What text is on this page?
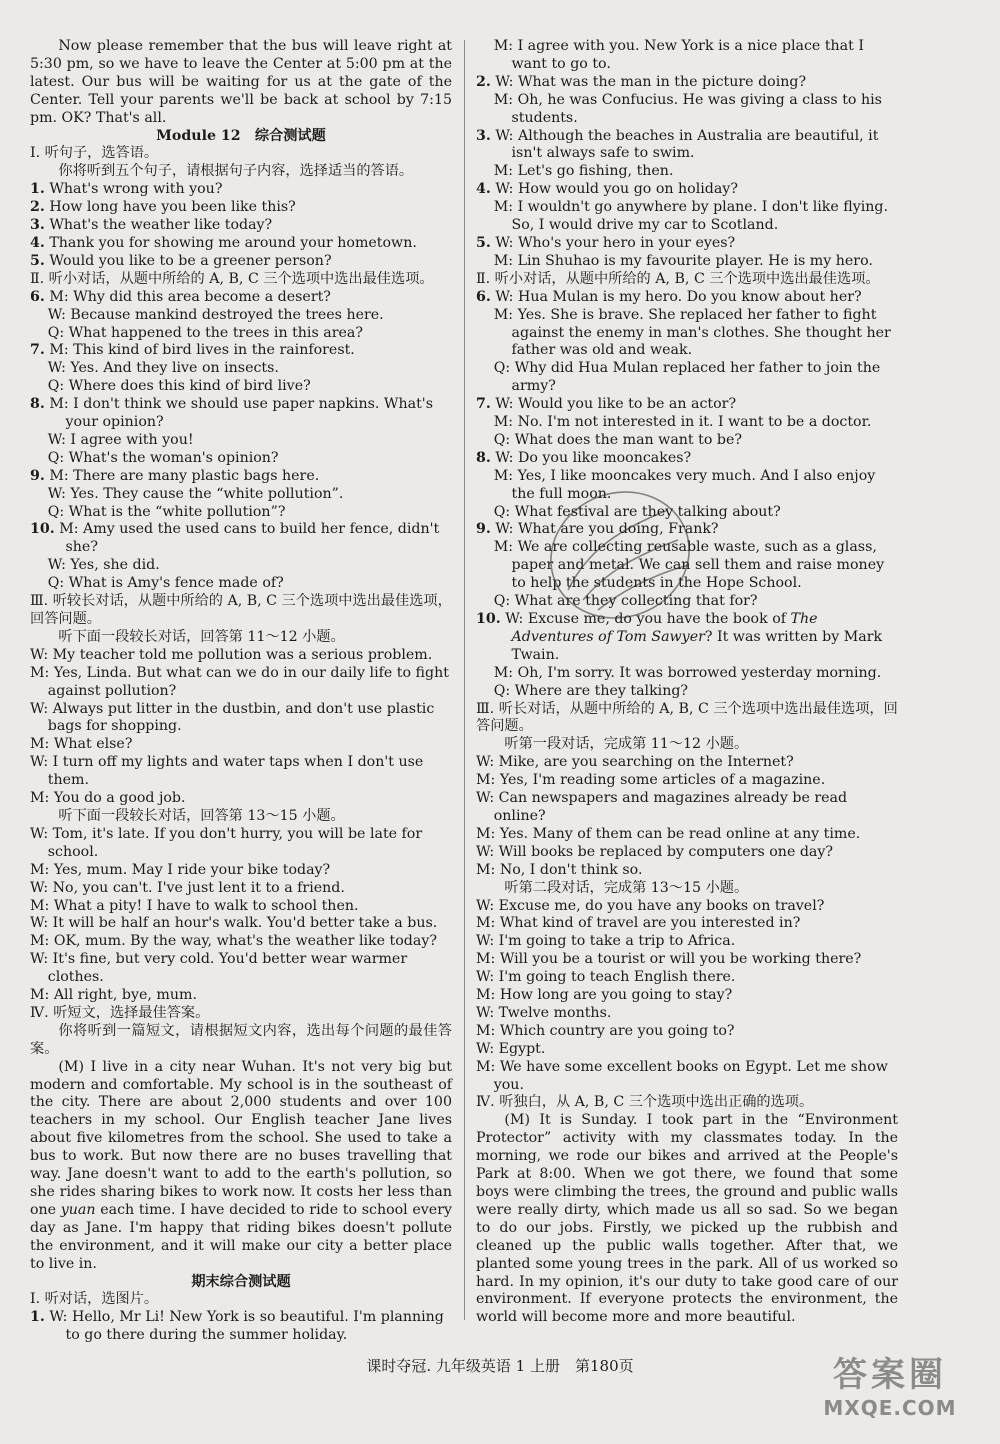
Now please remember that the bus will leave right at 5:30 pm, so we have to leave the Center at 5:00 pm at the latest. Our bus will be waiting for us at the gate of the Center. Tell your parents we'll be back at school by 7:15 pm. OK? That's all.

Module 12　综合测试题

Ⅰ. 听句子，选答语。

你将听到五个句子，请根据句子内容，选择适当的答语。

1. What's wrong with you?

2. How long have you been like this?

3. What's the weather like today?

4. Thank you for showing me around your hometown.

5. Would you like to be a greener person?

Ⅱ. 听小对话，从题中所给的 A, B, C 三个选项中选出最佳选项。

6. M: Why did this area become a desert?

W: Because mankind destroyed the trees here.

Q: What happened to the trees in this area?

7. M: This kind of bird lives in the rainforest.

W: Yes. And they live on insects.

Q: Where does this kind of bird live?

8. M: I don't think we should use paper napkins. What's your opinion?

W: I agree with you!

Q: What's the woman's opinion?

9. M: There are many plastic bags here.

W: Yes. They cause the “white pollution”.

Q: What is the “white pollution”?

10. M: Amy used the used cans to build her fence, didn't she?

W: Yes, she did.

Q: What is Amy's fence made of?

Ⅲ. 听较长对话，从题中所给的 A, B, C 三个选项中选出最佳选项，回答问题。

听下面一段较长对话，回答第 11～12 小题。

W: My teacher told me pollution was a serious problem.

M: Yes, Linda. But what can we do in our daily life to fight against pollution?

W: Always put litter in the dustbin, and don't use plastic bags for shopping.

M: What else?

W: I turn off my lights and water taps when I don't use them.

M: You do a good job.

听下面一段较长对话，回答第 13～15 小题。

W: Tom, it's late. If you don't hurry, you will be late for school.

M: Yes, mum. May I ride your bike today?

W: No, you can't. I've just lent it to a friend.

M: What a pity! I have to walk to school then.

W: It will be half an hour's walk. You'd better take a bus.

M: OK, mum. By the way, what's the weather like today?

W: It's fine, but very cold. You'd better wear warmer clothes.

M: All right, bye, mum.

Ⅳ. 听短文，选择最佳答案。

你将听到一篇短文，请根据短文内容，选出每个问题的最佳答案。

(M) I live in a city near Wuhan. It's not very big but modern and comfortable. My school is in the southeast of the city. There are about 2,000 students and over 100 teachers in my school. Our English teacher Jane lives about five kilometres from the school. She used to take a bus to work. But now there are no buses travelling that way. Jane doesn't want to add to the earth's pollution, so she rides sharing bikes to work now. It costs her less than one yuan each time. I have decided to ride to school every day as Jane. I'm happy that riding bikes doesn't pollute the environment, and it will make our city a better place to live in.

期末综合测试题

Ⅰ. 听对话，选图片。

1. W: Hello, Mr Li! New York is so beautiful. I'm planning to go there during the summer holiday.

M: I agree with you. New York is a nice place that I want to go to.

2. W: What was the man in the picture doing?

M: Oh, he was Confucius. He was giving a class to his students.

3. W: Although the beaches in Australia are beautiful, it isn't always safe to swim.

M: Let's go fishing, then.

4. W: How would you go on holiday?

M: I wouldn't go anywhere by plane. I don't like flying. So, I would drive my car to Scotland.

5. W: Who's your hero in your eyes?

M: Lin Shuhao is my favourite player. He is my hero.

Ⅱ. 听小对话，从题中所给的 A, B, C 三个选项中选出最佳选项。

6. W: Hua Mulan is my hero. Do you know about her?

M: Yes. She is brave. She replaced her father to fight against the enemy in man's clothes. She thought her father was old and weak.

Q: Why did Hua Mulan replaced her father to join the army?

7. W: Would you like to be an actor?

M: No. I'm not interested in it. I want to be a doctor.

Q: What does the man want to be?

8. W: Do you like mooncakes?

M: Yes, I like mooncakes very much. And I also enjoy the full moon.

Q: What festival are they talking about?

9. W: What are you doing, Frank?

M: We are collecting reusable waste, such as a glass, paper and metal. We can sell them and raise money to help the students in the Hope School.

Q: What are they collecting that for?

10. W: Excuse me, do you have the book of The Adventures of Tom Sawyer? It was written by Mark Twain.

M: Oh, I'm sorry. It was borrowed yesterday morning.

Q: Where are they talking?

Ⅲ. 听长对话，从题中所给的 A, B, C 三个选项中选出最佳选项，回答问题。

听第一段对话，完成第 11～12 小题。

W: Mike, are you searching on the Internet?

M: Yes, I'm reading some articles of a magazine.

W: Can newspapers and magazines already be read online?

M: Yes. Many of them can be read online at any time.

W: Will books be replaced by computers one day?

M: No, I don't think so.

听第二段对话，完成第 13～15 小题。

W: Excuse me, do you have any books on travel?

M: What kind of travel are you interested in?

W: I'm going to take a trip to Africa.

M: Will you be a tourist or will you be working there?

W: I'm going to teach English there.

M: How long are you going to stay?

W: Twelve months.

M: Which country are you going to?

W: Egypt.

M: We have some excellent books on Egypt. Let me show you.

Ⅳ. 听独白，从 A, B, C 三个选项中选出正确的选项。

(M) It is Sunday. I took part in the “Environment Protector” activity with my classmates today. In the morning, we rode our bikes and arrived at the People's Park at 8:00. When we got there, we found that some boys were climbing the trees, the ground and public walls were really dirty, which made us all so sad. So we began to do our jobs. Firstly, we picked up the rubbish and cleaned up the public walls together. After that, we planted some young trees in the park. All of us worked so hard. In my opinion, it's our duty to take good care of our environment. If everyone protects the environment, the world will become more and more beautiful.

课时夺冠. 九年级英语 1 上册　第180页	答案圈
MXQE.COM
